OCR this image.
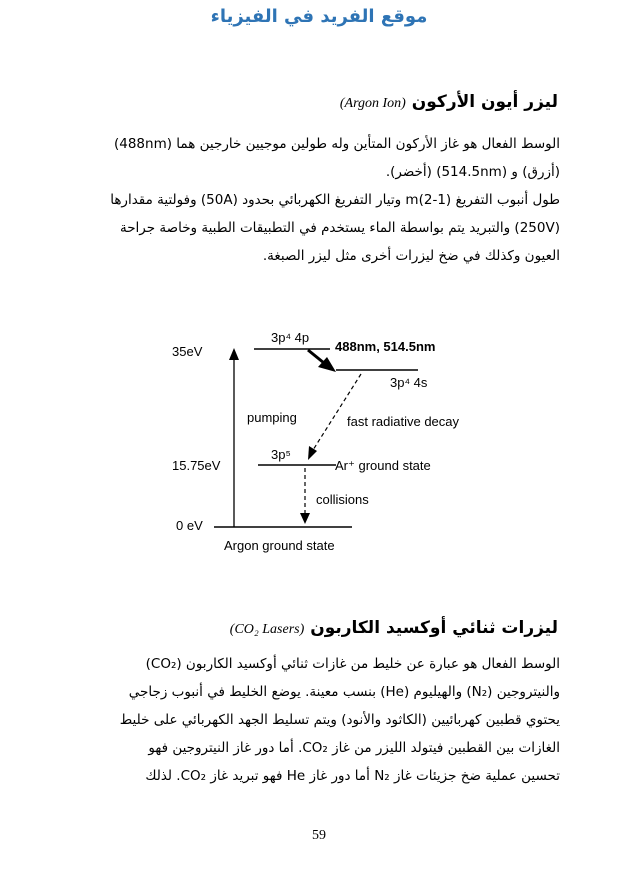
موقع الفريد في الفيزياء
ليزر أيون الأركون (Argon Ion)
الوسط الفعال هو غاز الأركون المتأين وله طولين موجيين خارجين هما (488nm)
(أزرق) و (514.5nm) (أخضر).
طول أنبوب التفريغ (1-2)m وتيار التفريغ الكهربائي بحدود (50A) وفولتية مقدارها
(250V) والتبريد يتم بواسطة الماء يستخدم في التطبيقات الطبية وخاصة جراحة
العيون وكذلك في ضخ ليزرات أخرى مثل ليزر الصبغة.
35eV
15.75eV
0 eV
3p⁴ 4p
488nm, 514.5nm
3p⁴ 4s
pumping	fast radiative decay
3p⁵
Ar⁺ ground state
collisions
Argon ground state
ليزرات ثنائي أوكسيد الكاربون (CO₂ Lasers)
الوسط الفعال هو عبارة عن خليط من غازات ثنائي أوكسيد الكاربون (CO₂)
والنيتروجين (N₂) والهيليوم (He) بنسب معينة. يوضع الخليط في أنبوب زجاجي
يحتوي قطبين كهربائيين (الكاثود والأنود) ويتم تسليط الجهد الكهربائي على خليط
الغازات بين القطبين فيتولد الليزر من غاز CO₂. أما دور غاز النيتروجين فهو
تحسين عملية ضخ جزيئات غاز N₂ أما دور غاز He فهو تبريد غاز CO₂. لذلك
59
